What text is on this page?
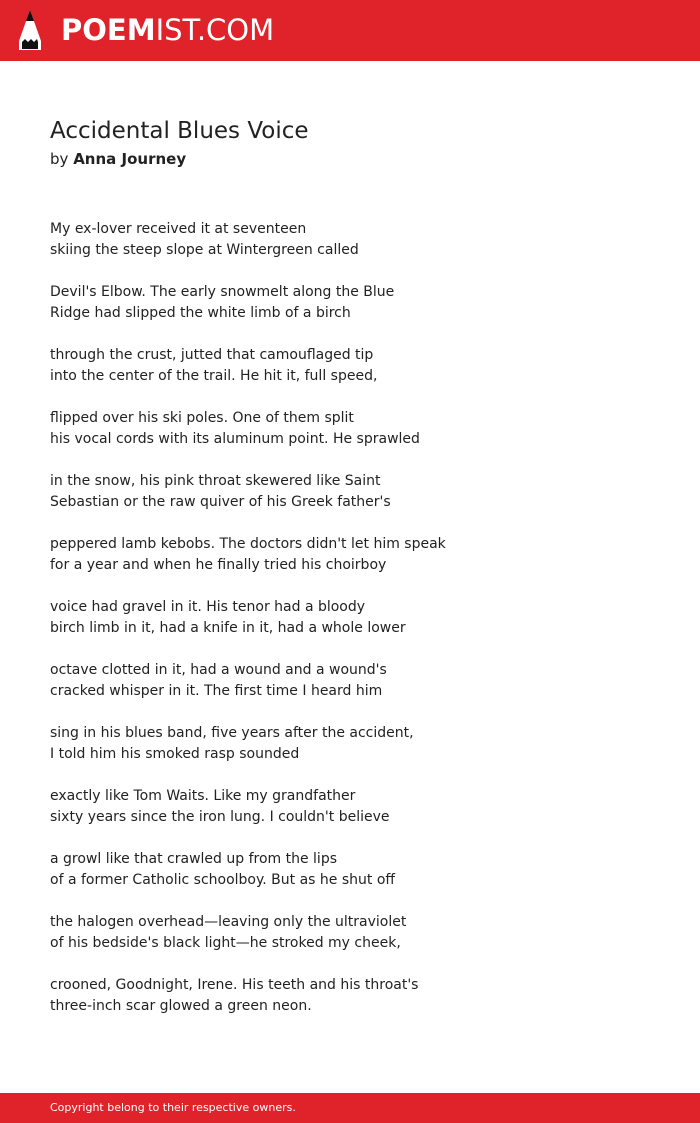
POEMIST.COM
Accidental Blues Voice
by Anna Journey
My ex-lover received it at seventeen
skiing the steep slope at Wintergreen called
Devil's Elbow. The early snowmelt along the Blue
Ridge had slipped the white limb of a birch
through the crust, jutted that camouflaged tip
into the center of the trail. He hit it, full speed,
flipped over his ski poles. One of them split
his vocal cords with its aluminum point. He sprawled
in the snow, his pink throat skewered like Saint
Sebastian or the raw quiver of his Greek father's
peppered lamb kebobs. The doctors didn't let him speak
for a year and when he finally tried his choirboy
voice had gravel in it. His tenor had a bloody
birch limb in it, had a knife in it, had a whole lower
octave clotted in it, had a wound and a wound's
cracked whisper in it. The first time I heard him
sing in his blues band, five years after the accident,
I told him his smoked rasp sounded
exactly like Tom Waits. Like my grandfather
sixty years since the iron lung. I couldn't believe
a growl like that crawled up from the lips
of a former Catholic schoolboy. But as he shut off
the halogen overhead—leaving only the ultraviolet
of his bedside's black light—he stroked my cheek,
crooned, Goodnight, Irene. His teeth and his throat's
three-inch scar glowed a green neon.
Copyright belong to their respective owners.
